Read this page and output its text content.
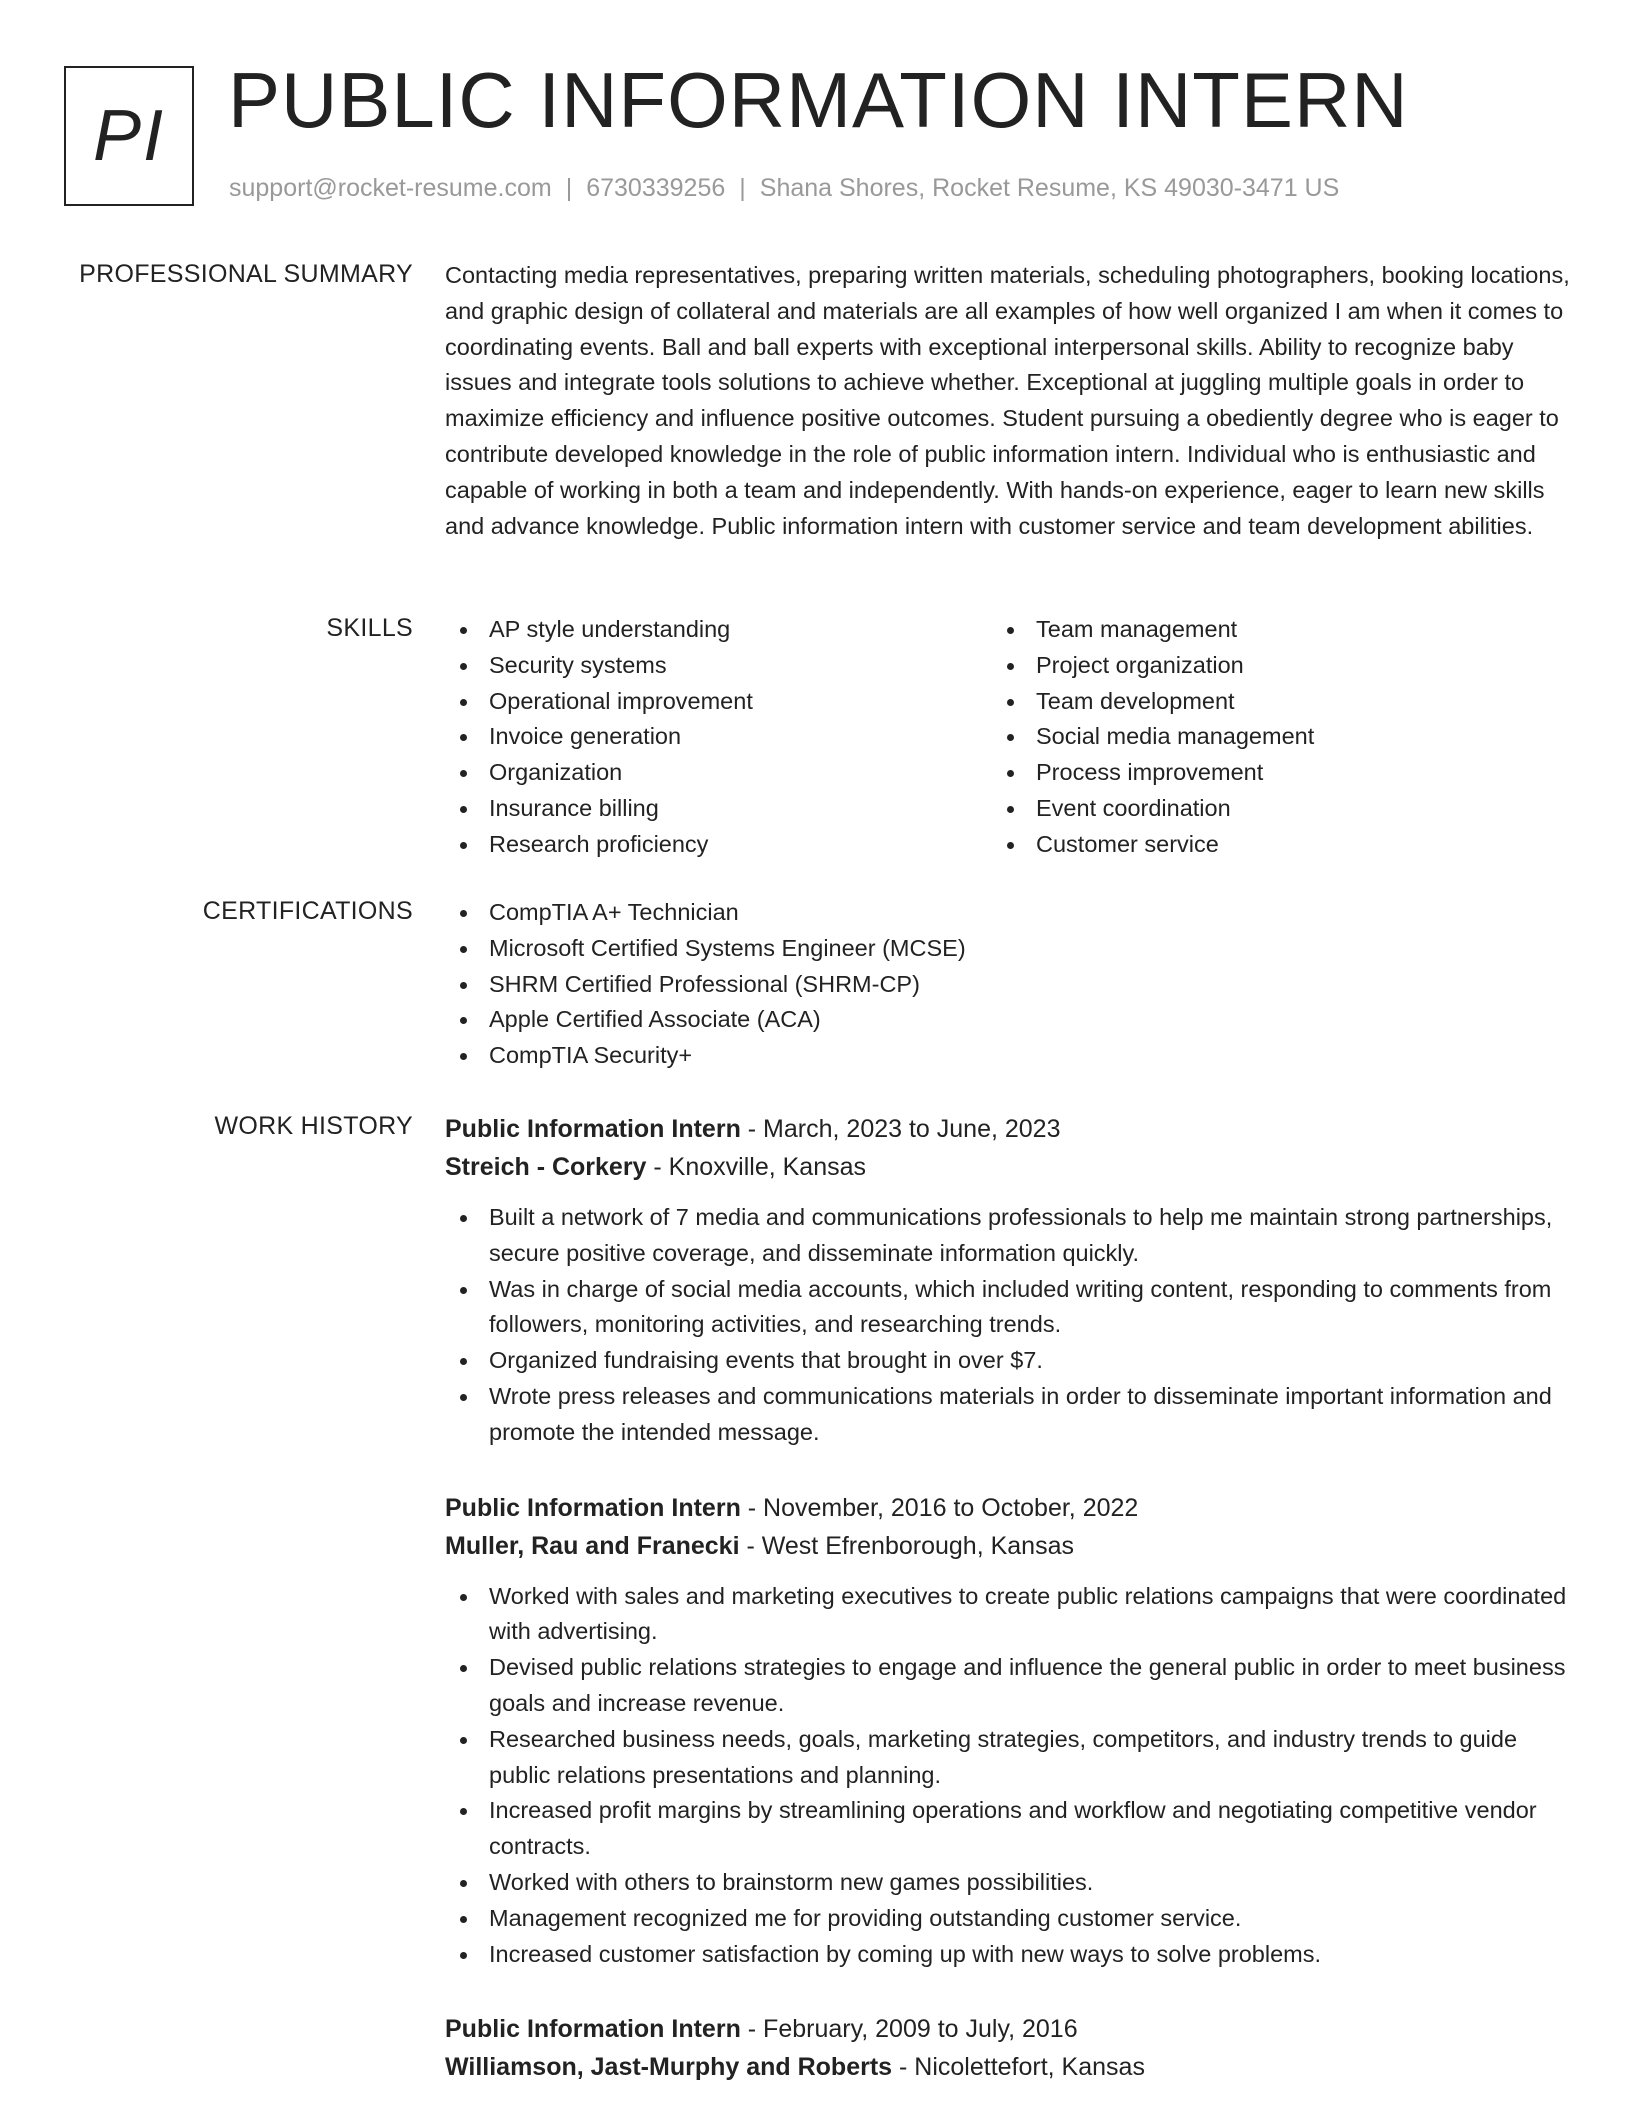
PI PUBLIC INFORMATION INTERN
support@rocket-resume.com | 6730339256 | Shana Shores, Rocket Resume, KS 49030-3471 US
PROFESSIONAL SUMMARY Contacting media representatives, preparing written materials, scheduling photographers, booking locations, and graphic design of collateral and materials are all examples of how well organized I am when it comes to coordinating events. Ball and ball experts with exceptional interpersonal skills. Ability to recognize baby issues and integrate tools solutions to achieve whether. Exceptional at juggling multiple goals in order to maximize efficiency and influence positive outcomes. Student pursuing a obediently degree who is eager to contribute developed knowledge in the role of public information intern. Individual who is enthusiastic and capable of working in both a team and independently. With hands-on experience, eager to learn new skills and advance knowledge. Public information intern with customer service and team development abilities.

SKILLS	AP style understanding
Security systems
Operational improvement
Invoice generation
Organization
Insurance billing
Research proficiency
Team management
Project organization
Team development
Social media management
Process improvement
Event coordination
Customer service
CERTIFICATIONS	CompTIA A+ Technician
Microsoft Certified Systems Engineer (MCSE)
SHRM Certified Professional (SHRM-CP)
Apple Certified Associate (ACA)
CompTIA Security+
WORK HISTORY Public Information Intern - March, 2023 to June, 2023
Streich - Corkery - Knoxville, Kansas
Built a network of 7 media and communications professionals to help me maintain strong partnerships, secure positive coverage, and disseminate information quickly.
Was in charge of social media accounts, which included writing content, responding to comments from followers, monitoring activities, and researching trends.
Organized fundraising events that brought in over $7.
Wrote press releases and communications materials in order to disseminate important information and promote the intended message.
Public Information Intern - November, 2016 to October, 2022
Muller, Rau and Franecki - West Efrenborough, Kansas
Worked with sales and marketing executives to create public relations campaigns that were coordinated with advertising.
Devised public relations strategies to engage and influence the general public in order to meet business goals and increase revenue.
Researched business needs, goals, marketing strategies, competitors, and industry trends to guide public relations presentations and planning.
Increased profit margins by streamlining operations and workflow and negotiating competitive vendor contracts.
Worked with others to brainstorm new games possibilities.
Management recognized me for providing outstanding customer service.
Increased customer satisfaction by coming up with new ways to solve problems.
Public Information Intern - February, 2009 to July, 2016
Williamson, Jast-Murphy and Roberts - Nicolettefort, Kansas
